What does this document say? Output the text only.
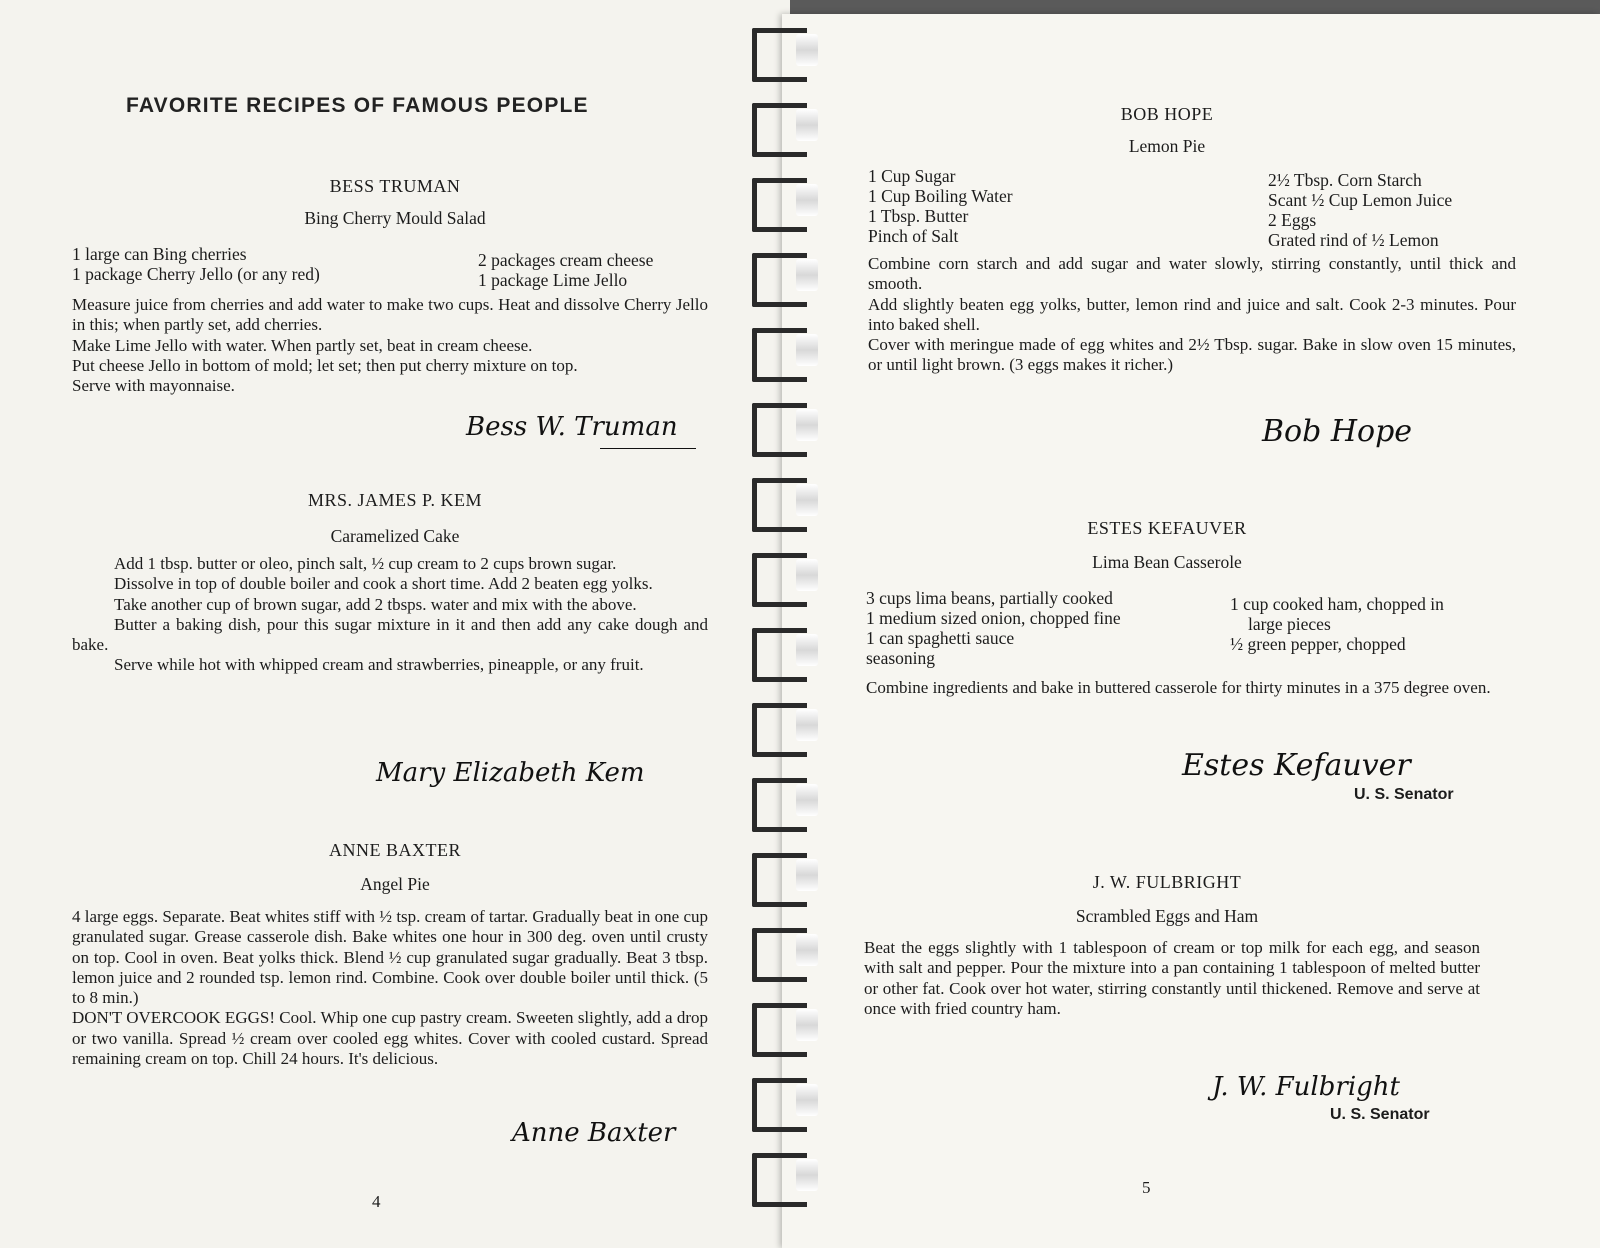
FAVORITE RECIPES OF FAMOUS PEOPLE
BESS TRUMAN
Bing Cherry Mould Salad
1 large can Bing cherries
1 package Cherry Jello (or any red)
2 packages cream cheese
1 package Lime Jello

Measure juice from cherries and add water to make two cups. Heat and dissolve Cherry Jello in this; when partly set, add cherries.

Make Lime Jello with water. When partly set, beat in cream cheese.

Put cheese Jello in bottom of mold; let set; then put cherry mixture on top.

Serve with mayonnaise.

Bess W. Truman
MRS. JAMES P. KEM
Caramelized Cake

Add 1 tbsp. butter or oleo, pinch salt, ½ cup cream to 2 cups brown sugar.

Dissolve in top of double boiler and cook a short time. Add 2 beaten egg yolks.

Take another cup of brown sugar, add 2 tbsps. water and mix with the above.

Butter a baking dish, pour this sugar mixture in it and then add any cake dough and bake.

Serve while hot with whipped cream and strawberries, pineapple, or any fruit.

Mary Elizabeth Kem
ANNE BAXTER
Angel Pie

4 large eggs. Separate. Beat whites stiff with ½ tsp. cream of tartar. Gradually beat in one cup granulated sugar. Grease casserole dish. Bake whites one hour in 300 deg. oven until crusty on top. Cool in oven. Beat yolks thick. Blend ½ cup granulated sugar gradually. Beat 3 tbsp. lemon juice and 2 rounded tsp. lemon rind. Combine. Cook over double boiler until thick. (5 to 8 min.)

DON'T OVERCOOK EGGS! Cool. Whip one cup pastry cream. Sweeten slightly, add a drop or two vanilla. Spread ½ cream over cooled egg whites. Cover with cooled custard. Spread remaining cream on top. Chill 24 hours. It's delicious.

Anne Baxter
4
BOB HOPE
Lemon Pie
1 Cup Sugar
1 Cup Boiling Water
1 Tbsp. Butter
Pinch of Salt
2½ Tbsp. Corn Starch
Scant ½ Cup Lemon Juice
2 Eggs
Grated rind of ½ Lemon

Combine corn starch and add sugar and water slowly, stirring constantly, until thick and smooth.

Add slightly beaten egg yolks, butter, lemon rind and juice and salt. Cook 2-3 minutes. Pour into baked shell.

Cover with meringue made of egg whites and 2½ Tbsp. sugar. Bake in slow oven 15 minutes, or until light brown. (3 eggs makes it richer.)

Bob Hope
ESTES KEFAUVER
Lima Bean Casserole
3 cups lima beans, partially cooked
1 medium sized onion, chopped fine
1 can spaghetti sauce
seasoning
1 cup cooked ham, chopped in
large pieces
½ green pepper, chopped

Combine ingredients and bake in buttered casserole for thirty minutes in a 375 degree oven.

Estes Kefauver
U. S. Senator
J. W. FULBRIGHT
Scrambled Eggs and Ham

Beat the eggs slightly with 1 tablespoon of cream or top milk for each egg, and season with salt and pepper. Pour the mixture into a pan containing 1 tablespoon of melted butter or other fat. Cook over hot water, stirring constantly until thickened. Remove and serve at once with fried country ham.

J. W. Fulbright
U. S. Senator
5
